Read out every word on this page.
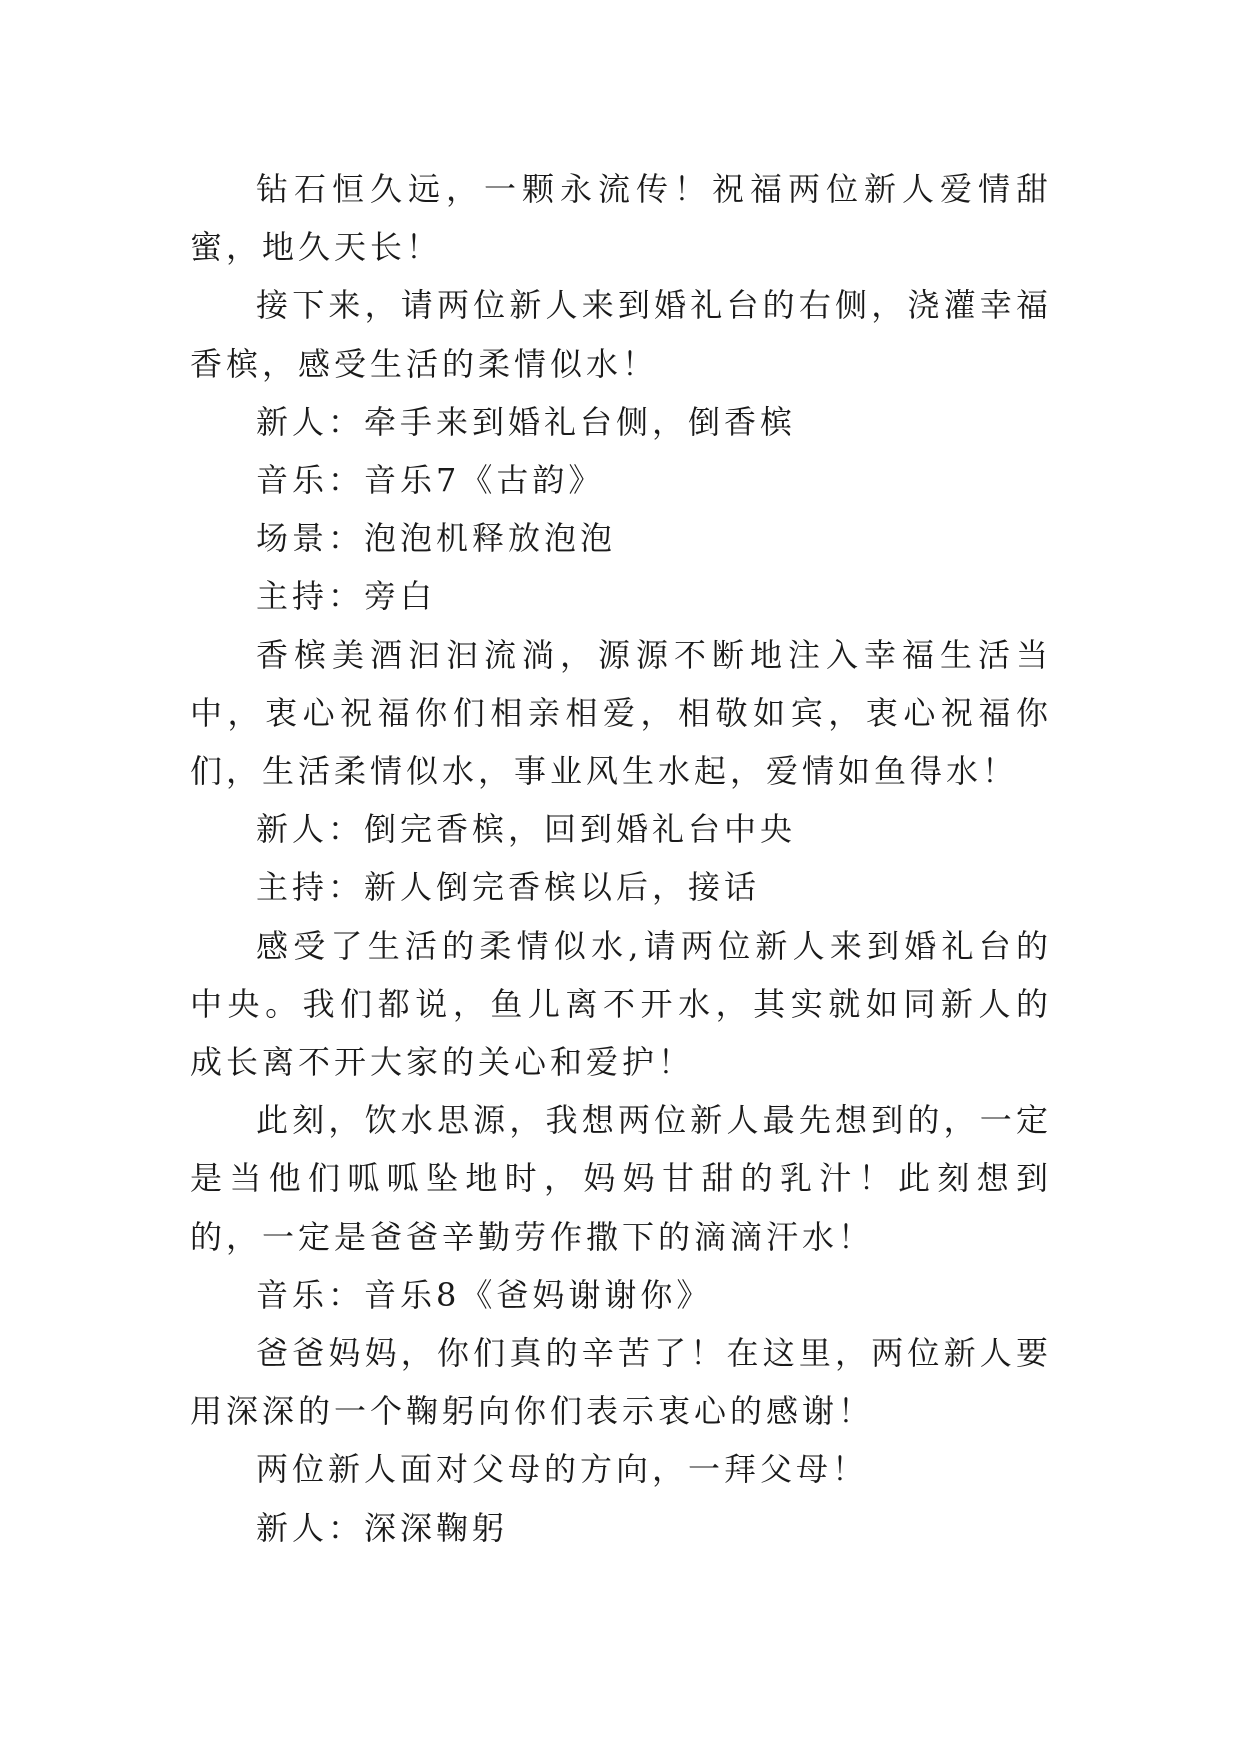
钻石恒久远，一颗永流传！祝福两位新人爱情甜蜜，地久天长！

接下来，请两位新人来到婚礼台的右侧，浇灌幸福香槟，感受生活的柔情似水！

新人：牵手来到婚礼台侧，倒香槟

音乐：音乐7《古韵》

场景：泡泡机释放泡泡

主持：旁白

香槟美酒汩汩流淌，源源不断地注入幸福生活当中，衷心祝福你们相亲相爱，相敬如宾，衷心祝福你们，生活柔情似水，事业风生水起，爱情如鱼得水！

新人：倒完香槟，回到婚礼台中央

主持：新人倒完香槟以后，接话

感受了生活的柔情似水,请两位新人来到婚礼台的中央。我们都说，鱼儿离不开水，其实就如同新人的成长离不开大家的关心和爱护！

此刻，饮水思源，我想两位新人最先想到的，一定是当他们呱呱坠地时，妈妈甘甜的乳汁！此刻想到的，一定是爸爸辛勤劳作撒下的滴滴汗水！

音乐：音乐8《爸妈谢谢你》

爸爸妈妈，你们真的辛苦了！在这里，两位新人要用深深的一个鞠躬向你们表示衷心的感谢！

两位新人面对父母的方向，一拜父母！

新人：深深鞠躬
